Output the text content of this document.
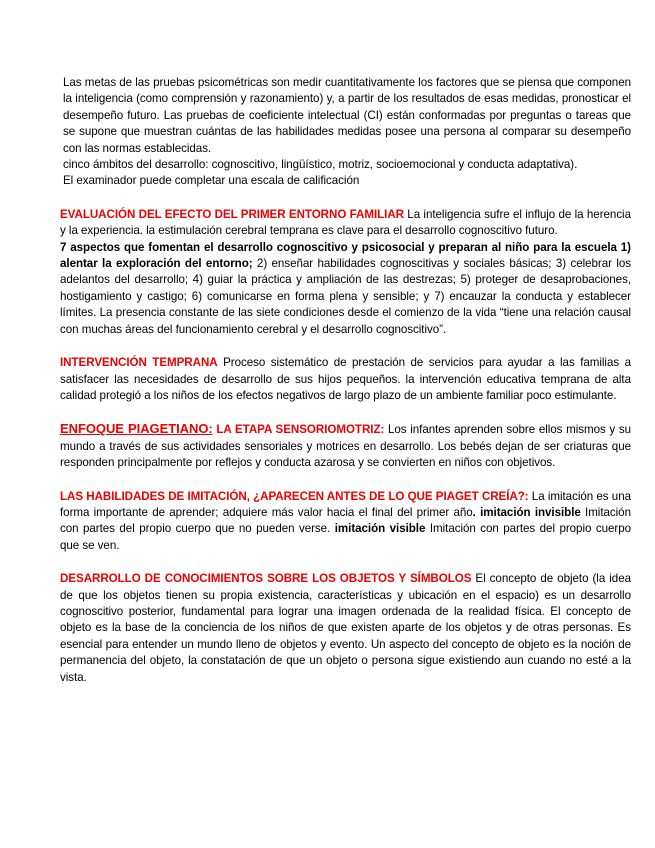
Las metas de las pruebas psicométricas son medir cuantitativamente los factores que se piensa que componen la inteligencia (como comprensión y razonamiento) y, a partir de los resultados de esas medidas, pronosticar el desempeño futuro. Las pruebas de coeficiente intelectual (CI) están conformadas por preguntas o tareas que se supone que muestran cuántas de las habilidades medidas posee una persona al comparar su desempeño con las normas establecidas.
cinco ámbitos del desarrollo: cognoscitivo, lingüístico, motriz, socioemocional y conducta adaptativa).
El examinador puede completar una escala de calificación

EVALUACIÓN DEL EFECTO DEL PRIMER ENTORNO FAMILIAR La inteligencia sufre el influjo de la herencia y la experiencia. la estimulación cerebral temprana es clave para el desarrollo cognoscitivo futuro.
7 aspectos que fomentan el desarrollo cognoscitivo y psicosocial y preparan al niño para la escuela 1) alentar la exploración del entorno; 2) enseñar habilidades cognoscitivas y sociales básicas; 3) celebrar los adelantos del desarrollo; 4) guiar la práctica y ampliación de las destrezas; 5) proteger de desaprobaciones, hostigamiento y castigo; 6) comunicarse en forma plena y sensible; y 7) encauzar la conducta y establecer límites. La presencia constante de las siete condiciones desde el comienzo de la vida “tiene una relación causal con muchas áreas del funcionamiento cerebral y el desarrollo cognoscitivo”.

INTERVENCIÓN TEMPRANA Proceso sistemático de prestación de servicios para ayudar a las familias a satisfacer las necesidades de desarrollo de sus hijos pequeños. la intervención educativa temprana de alta calidad protegió a los niños de los efectos negativos de largo plazo de un ambiente familiar poco estimulante.

ENFOQUE PIAGETIANO: LA ETAPA SENSORIOMOTRIZ: Los infantes aprenden sobre ellos mismos y su mundo a través de sus actividades sensoriales y motrices en desarrollo. Los bebés dejan de ser criaturas que responden principalmente por reflejos y conducta azarosa y se convierten en niños con objetivos.

LAS HABILIDADES DE IMITACIÓN, ¿APARECEN ANTES DE LO QUE PIAGET CREÍA?: La imitación es una forma importante de aprender; adquiere más valor hacia el final del primer año. imitación invisible Imitación con partes del propio cuerpo que no pueden verse. imitación visible Imitación con partes del propio cuerpo que se ven.

DESARROLLO DE CONOCIMIENTOS SOBRE LOS OBJETOS Y SÍMBOLOS El concepto de objeto (la idea de que los objetos tienen su propia existencia, características y ubicación en el espacio) es un desarrollo cognoscitivo posterior, fundamental para lograr una imagen ordenada de la realidad física. El concepto de objeto es la base de la conciencia de los niños de que existen aparte de los objetos y de otras personas. Es esencial para entender un mundo lleno de objetos y evento. Un aspecto del concepto de objeto es la noción de permanencia del objeto, la constatación de que un objeto o persona sigue existiendo aun cuando no esté a la vista.
